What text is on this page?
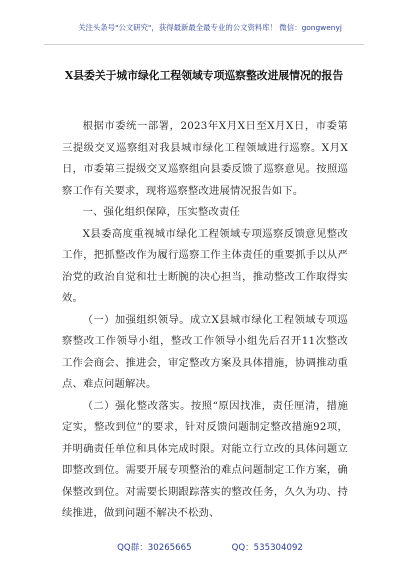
关注头条号"公文研究"，获得最新最全最专业的公文资料库！ 微信：gongwenyj
X县委关于城市绿化工程领域专项巡察整改进展情况的报告

根据市委统一部署，2023年X月X日至X月X日，市委第三提级交叉巡察组对我县城市绿化工程领域进行巡察。X月X日，市委第三提级交叉巡察组向县委反馈了巡察意见。按照巡察工作有关要求，现将巡察整改进展情况报告如下。

一、强化组织保障，压实整改责任

X县委高度重视城市绿化工程领域专项巡察反馈意见整改工作，把抓整改作为履行巡察工作主体责任的重要抓手以从严治党的政治自觉和壮士断腕的决心担当，推动整改工作取得实效。

（一）加强组织领导。成立X县城市绿化工程领域专项巡察整改工作领导小组，整改工作领导小组先后召开11次整改工作会商会、推进会，审定整改方案及具体措施，协调推动重点、难点问题解决。

（二）强化整改落实。按照“原因找准，责任厘清，措施定实，整改到位”的要求，针对反馈问题制定整改措施92项，并明确责任单位和具体完成时限。对能立行立改的具体问题立即整改到位。需要开展专项整治的难点问题制定工作方案，确保整改到位。对需要长期跟踪落实的整改任务，久久为功、持续推进，做到问题不解决不松劲、

QQ群：30265665	QQ：535304092
